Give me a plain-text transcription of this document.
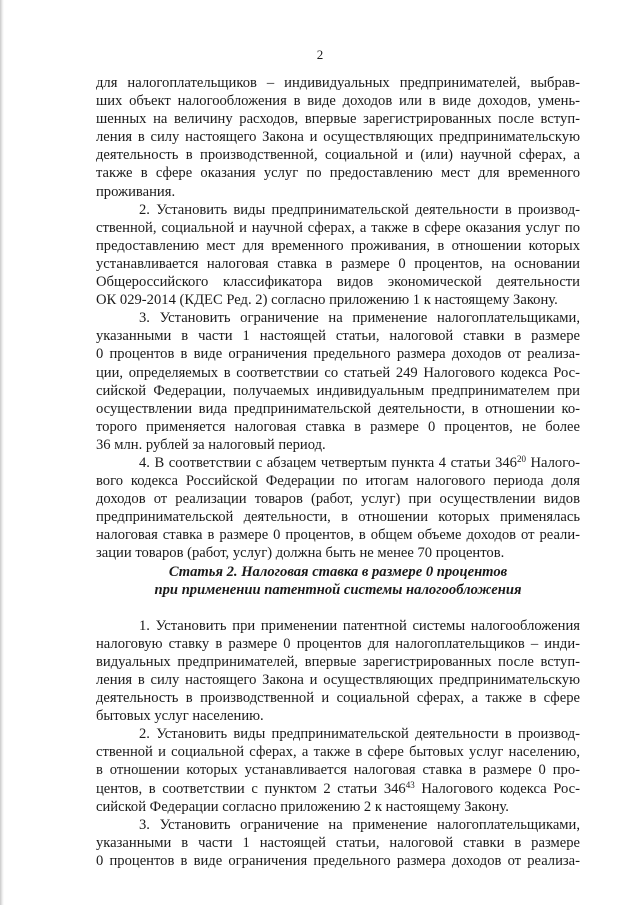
2
для налогоплательщиков – индивидуальных предпринимателей, выбрав-
ших объект налогообложения в виде доходов или в виде доходов, умень-
шенных на величину расходов, впервые зарегистрированных после вступ-
ления в силу настоящего Закона и осуществляющих предпринимательскую
деятельность в производственной, социальной и (или) научной сферах, а
также в сфере оказания услуг по предоставлению мест для временного
проживания.
2. Установить виды предпринимательской деятельности в производ-
ственной, социальной и научной сферах, а также в сфере оказания услуг по
предоставлению мест для временного проживания, в отношении которых
устанавливается налоговая ставка в размере 0 процентов, на основании
Общероссийского классификатора видов экономической деятельности
ОК 029-2014 (КДЕС Ред. 2) согласно приложению 1 к настоящему Закону.
3. Установить ограничение на применение налогоплательщиками,
указанными в части 1 настоящей статьи, налоговой ставки в размере
0 процентов в виде ограничения предельного размера доходов от реализа-
ции, определяемых в соответствии со статьей 249 Налогового кодекса Рос-
сийской Федерации, получаемых индивидуальным предпринимателем при
осуществлении вида предпринимательской деятельности, в отношении ко-
торого применяется налоговая ставка в размере 0 процентов, не более
36 млн. рублей за налоговый период.
4. В соответствии с абзацем четвертым пункта 4 статьи $346^{20}$ Налого-
вого кодекса Российской Федерации по итогам налогового периода доля
доходов от реализации товаров (работ, услуг) при осуществлении видов
предпринимательской деятельности, в отношении которых применялась
налоговая ставка в размере 0 процентов, в общем объеме доходов от реали-
зации товаров (работ, услуг) должна быть не менее 70 процентов.
Статья 2. Налоговая ставка в размере 0 процентов
при применении патентной системы налогообложения
1. Установить при применении патентной системы налогообложения
налоговую ставку в размере 0 процентов для налогоплательщиков – инди-
видуальных предпринимателей, впервые зарегистрированных после вступ-
ления в силу настоящего Закона и осуществляющих предпринимательскую
деятельность в производственной и социальной сферах, а также в сфере
бытовых услуг населению.
2. Установить виды предпринимательской деятельности в производ-
ственной и социальной сферах, а также в сфере бытовых услуг населению,
в отношении которых устанавливается налоговая ставка в размере 0 про-
центов, в соответствии с пунктом 2 статьи $346^{43}$ Налогового кодекса Рос-
сийской Федерации согласно приложению 2 к настоящему Закону.
3. Установить ограничение на применение налогоплательщиками,
указанными в части 1 настоящей статьи, налоговой ставки в размере
0 процентов в виде ограничения предельного размера доходов от реализа-
